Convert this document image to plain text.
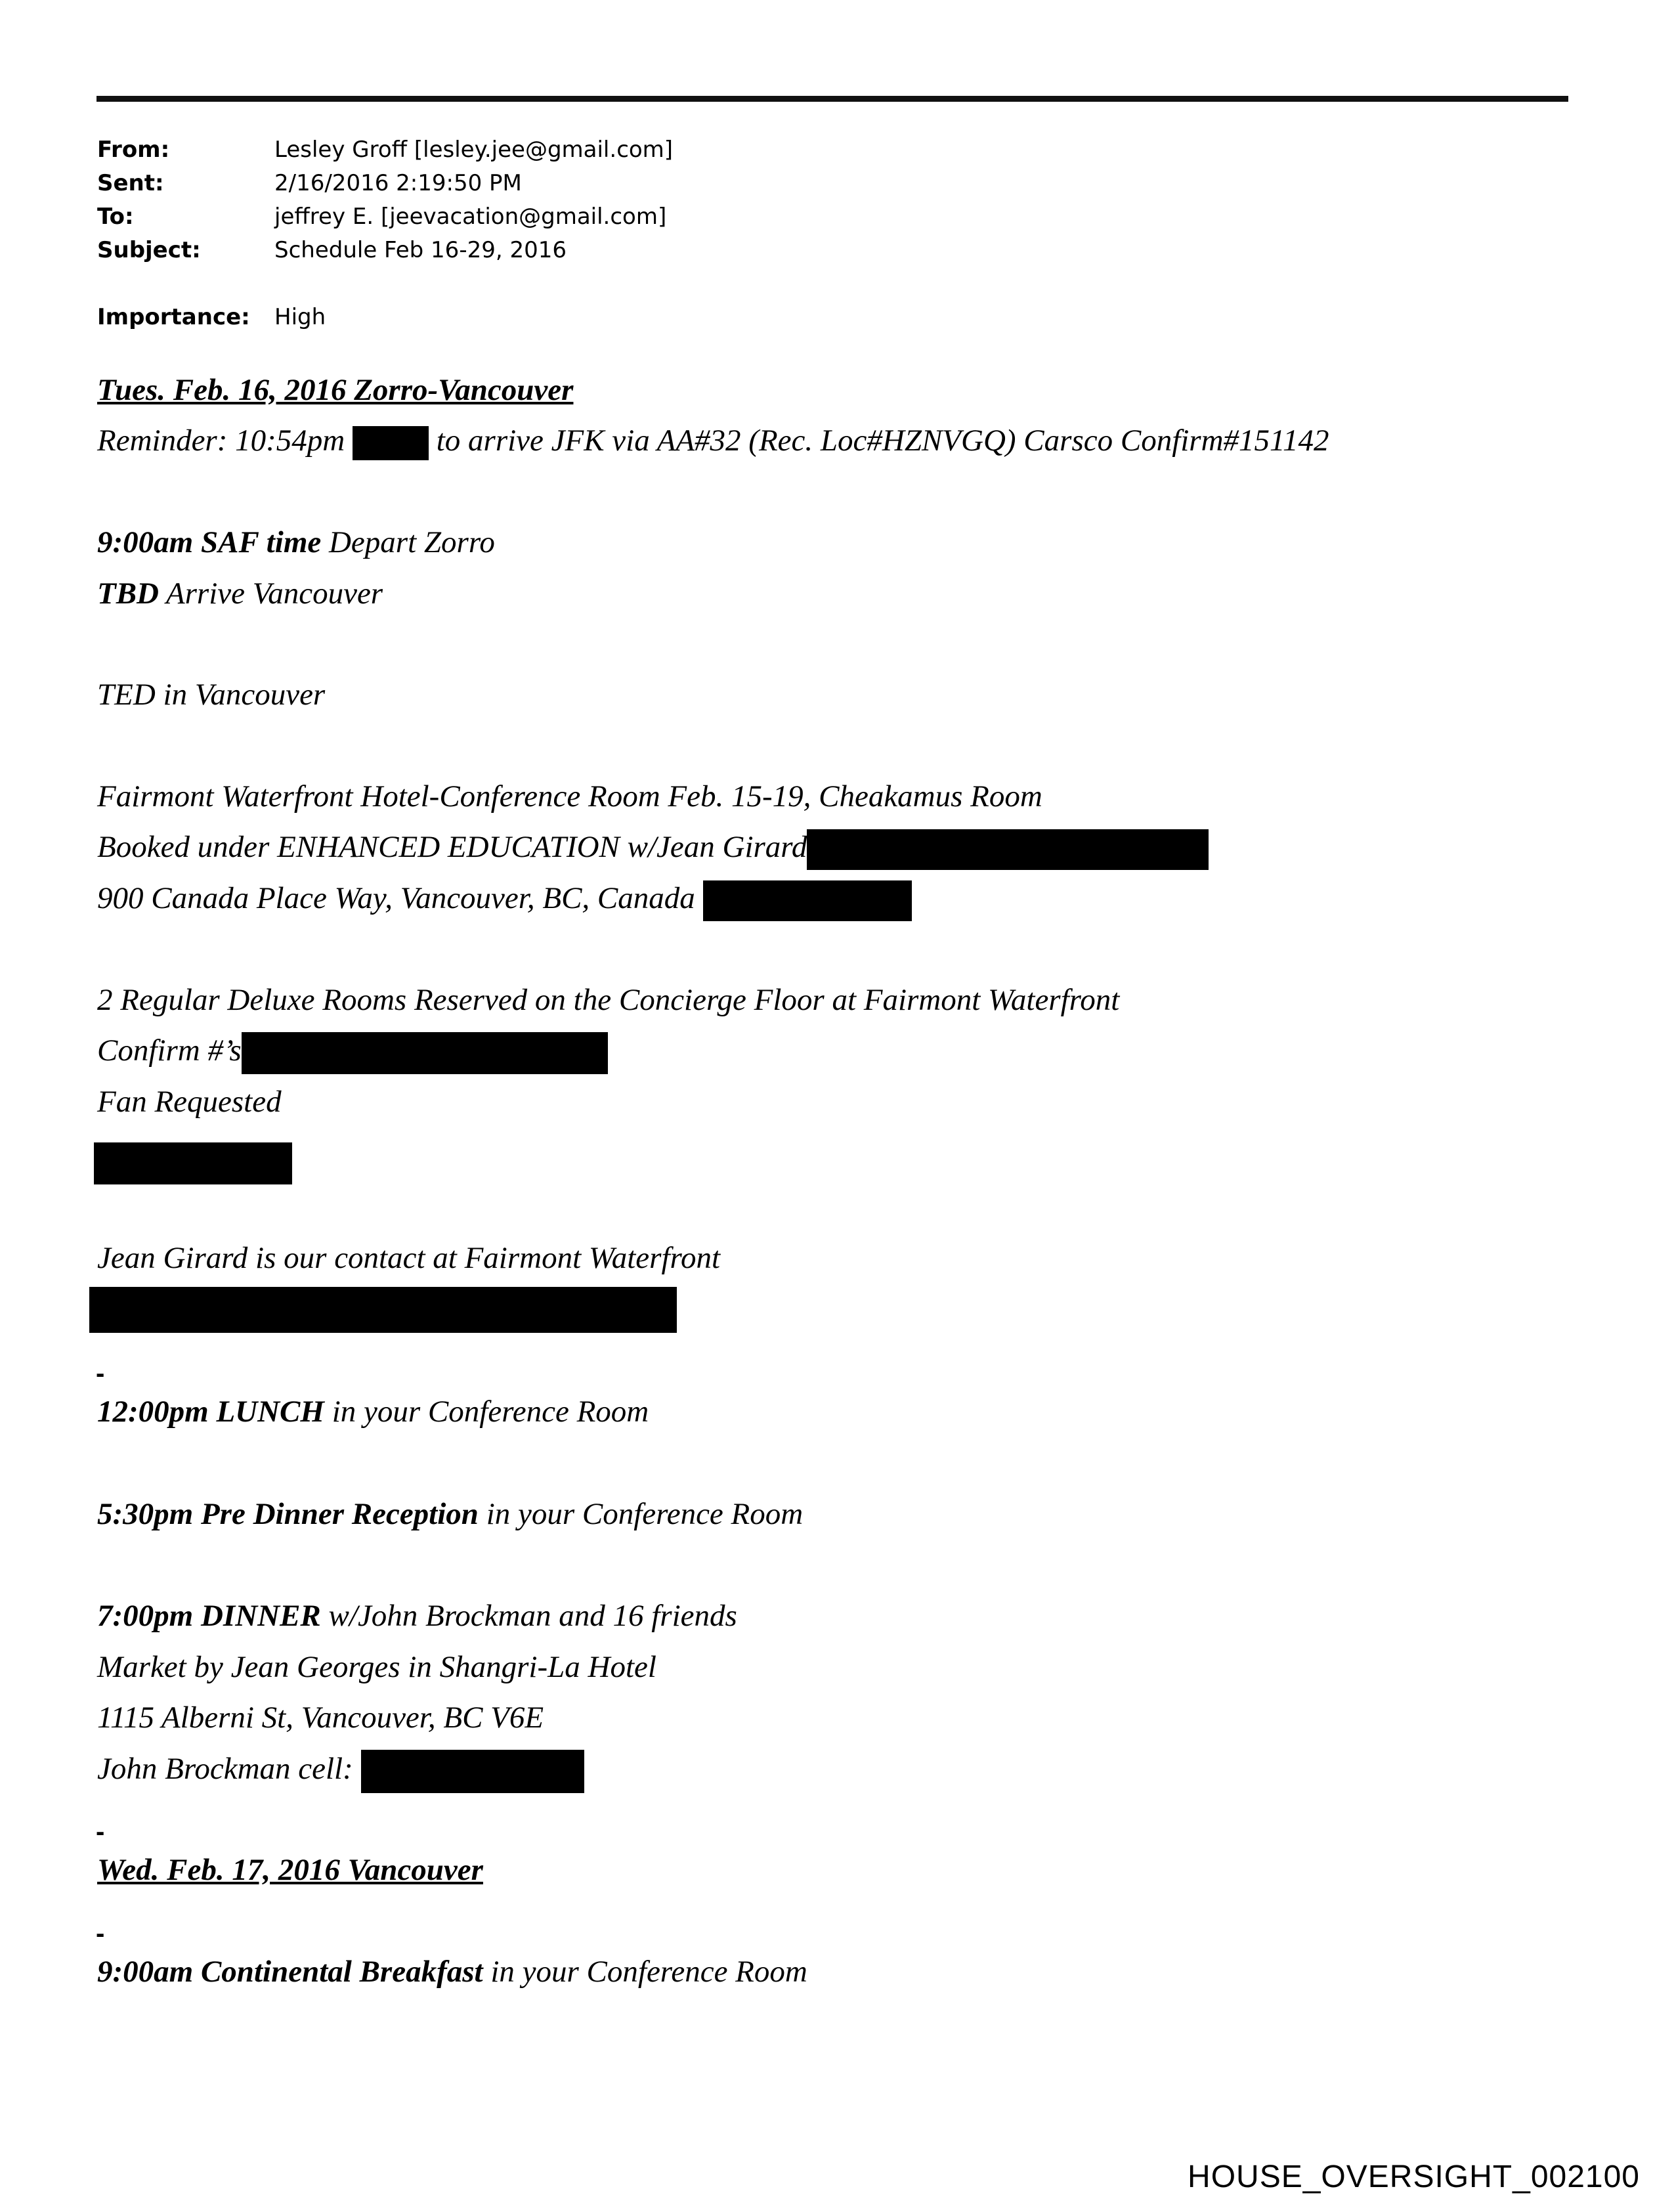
From:	Lesley Groff [lesley.jee@gmail.com]
Sent:	2/16/2016 2:19:50 PM
To:	jeffrey E. [jeevacation@gmail.com]
Subject:	Schedule Feb 16-29, 2016
Importance: High
Tues. Feb. 16, 2016 Zorro-Vancouver
Reminder: 10:54pm  to arrive JFK via AA#32 (Rec. Loc#HZNVGQ) Carsco Confirm#151142
9:00am SAF time Depart Zorro
TBD Arrive Vancouver
TED in Vancouver
Fairmont Waterfront Hotel-Conference Room Feb. 15-19, Cheakamus Room
Booked under ENHANCED EDUCATION w/Jean Girard
900 Canada Place Way, Vancouver, BC, Canada
2 Regular Deluxe Rooms Reserved on the Concierge Floor at Fairmont Waterfront
Confirm #’s
Fan Requested
Jean Girard is our contact at Fairmont Waterfront
-
12:00pm LUNCH in your Conference Room
5:30pm Pre Dinner Reception in your Conference Room
7:00pm DINNER w/John Brockman and 16 friends
Market by Jean Georges in Shangri-La Hotel
1115 Alberni St, Vancouver, BC V6E
John Brockman cell:
-
Wed. Feb. 17, 2016 Vancouver
-
9:00am Continental Breakfast in your Conference Room
HOUSE_OVERSIGHT_002100
